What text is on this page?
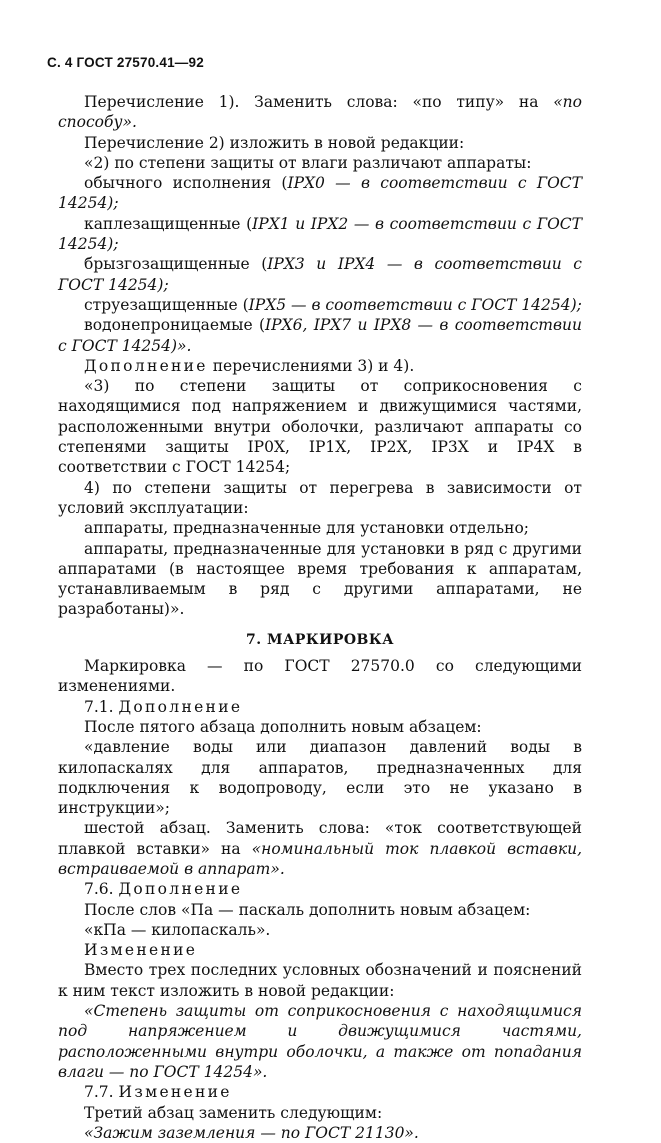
С. 4 ГОСТ 27570.41—92

Перечисление 1). Заменить слова: «по типу» на «по способу».

Перечисление 2) изложить в новой редакции:

«2) по степени защиты от влаги различают аппараты:

обычного исполнения (IPX0 — в соответствии с ГОСТ 14254);

каплезащищенные (IPX1 и IPX2 — в соответствии с ГОСТ 14254);

брызгозащищенные (IPX3 и IPX4 — в соответствии с ГОСТ 14254);

струезащищенные (IPX5 — в соответствии с ГОСТ 14254);

водонепроницаемые (IPX6, IPX7 и IPX8 — в соответствии с ГОСТ 14254)».

Дополнение перечислениями 3) и 4).

«3) по степени защиты от соприкосновения с находящимися под напряжением и движущимися частями, расположенными внутри оболочки, различают аппараты со степенями защиты IP0X, IP1X, IP2X, IP3X и IP4X в соответствии с ГОСТ 14254;

4) по степени защиты от перегрева в зависимости от условий эксплуатации:

аппараты, предназначенные для установки отдельно;

аппараты, предназначенные для установки в ряд с другими аппаратами (в настоящее время требования к аппаратам, устанавливаемым в ряд с другими аппаратами, не разработаны)».

7. МАРКИРОВКА

Маркировка — по ГОСТ 27570.0 со следующими изменениями.

7.1. Дополнение

После пятого абзаца дополнить новым абзацем:

«давление воды или диапазон давлений воды в килопаскалях для аппаратов, предназначенных для подключения к водопроводу, если это не указано в инструкции»;

шестой абзац. Заменить слова: «ток соответствующей плавкой вставки» на «номинальный ток плавкой вставки, встраиваемой в аппарат».

7.6. Дополнение

После слов «Па — паскаль дополнить новым абзацем:

«кПа — килопаскаль».

Изменение

Вместо трех последних условных обозначений и пояснений к ним текст изложить в новой редакции:

«Степень защиты от соприкосновения с находящимися под напряжением и движущимися частями, расположенными внутри оболочки, а также от попадания влаги — по ГОСТ 14254».

7.7. Изменение

Третий абзац заменить следующим:

«Зажим заземления — по ГОСТ 21130».
